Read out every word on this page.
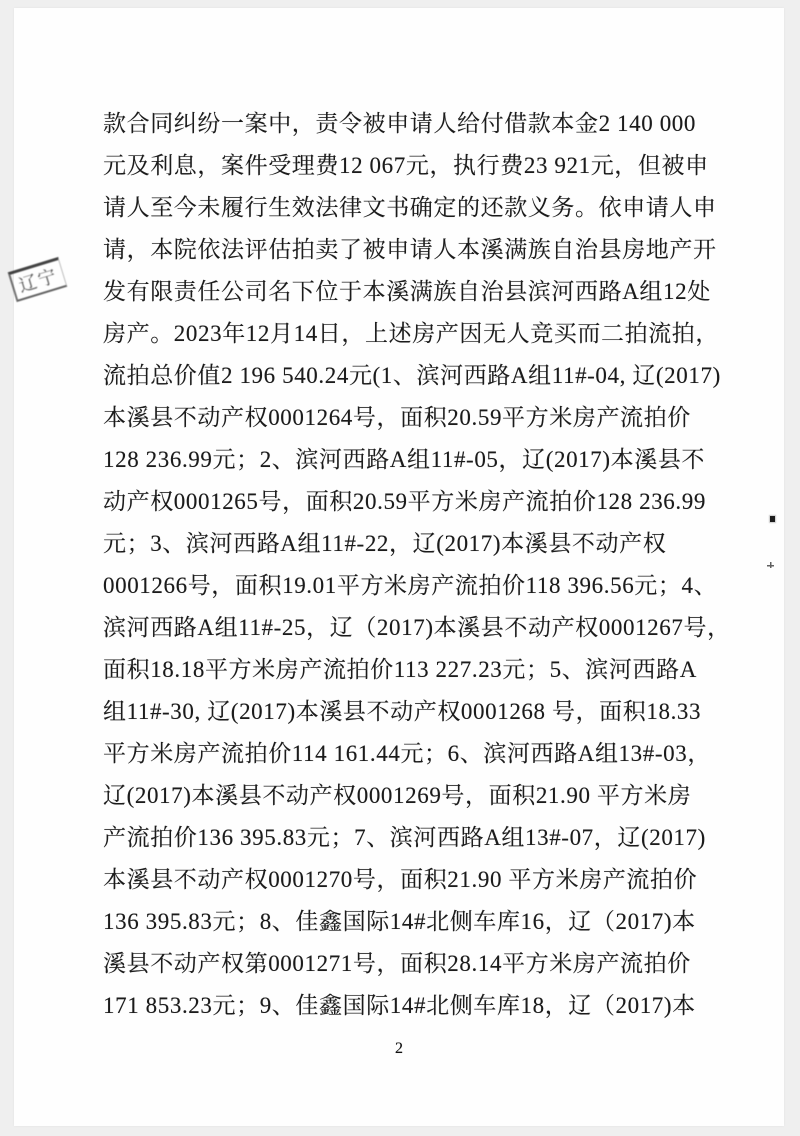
款合同纠纷一案中，责令被申请人给付借款本金2 140 000
元及利息，案件受理费12 067元，执行费23 921元，但被申
请人至今未履行生效法律文书确定的还款义务。依申请人申
请，本院依法评估拍卖了被申请人本溪满族自治县房地产开
发有限责任公司名下位于本溪满族自治县滨河西路A组12处
房产。2023年12月14日，上述房产因无人竞买而二拍流拍，
流拍总价值2 196 540.24元(1、滨河西路A组11#-04, 辽(2017)
本溪县不动产权0001264号，面积20.59平方米房产流拍价
128 236.99元；2、滨河西路A组11#-05，辽(2017)本溪县不
动产权0001265号，面积20.59平方米房产流拍价128 236.99
元；3、滨河西路A组11#-22，辽(2017)本溪县不动产权
0001266号，面积19.01平方米房产流拍价118 396.56元；4、
滨河西路A组11#-25，辽（2017)本溪县不动产权0001267号，
面积18.18平方米房产流拍价113 227.23元；5、滨河西路A
组11#-30, 辽(2017)本溪县不动产权0001268 号，面积18.33
平方米房产流拍价114 161.44元；6、滨河西路A组13#-03，
辽(2017)本溪县不动产权0001269号，面积21.90 平方米房
产流拍价136 395.83元；7、滨河西路A组13#-07，辽(2017)
本溪县不动产权0001270号，面积21.90 平方米房产流拍价
136 395.83元；8、佳鑫国际14#北侧车库16，辽（2017)本
溪县不动产权第0001271号，面积28.14平方米房产流拍价
171 853.23元；9、佳鑫国际14#北侧车库18，辽（2017)本
2
辽宁
